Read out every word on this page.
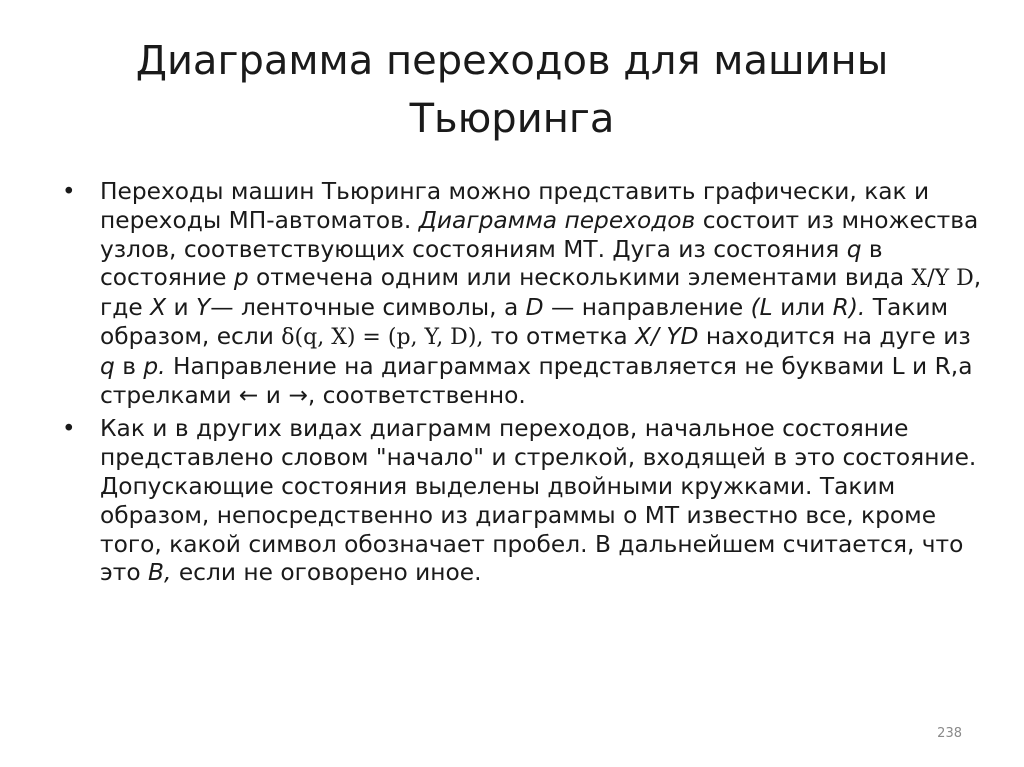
Диаграмма переходов для машины
Тьюринга

• Переходы машин Тьюринга можно представить графически, как и переходы МП-автоматов. Диаграмма переходов состоит из множества узлов, соответствующих состояниям МТ. Дуга из состояния q в состояние p отмечена одним или несколькими элементами вида X/Y D, где X и Y— ленточные символы, а D — направление (L или R). Таким образом, если δ(q, X) = (p, Y, D), то отметка X/ YD находится на дуге из q в p. Направление на диаграммах представляется не буквами L и R,а стрелками ← и →, соответственно.

• Как и в других видах диаграмм переходов, начальное состояние представлено словом "начало" и стрелкой, входящей в это состояние. Допускающие состояния выделены двойными кружками. Таким образом, непосредственно из диаграммы о МТ известно все, кроме того, какой символ обозначает пробел. В дальнейшем считается, что это B, если не оговорено иное.

238
